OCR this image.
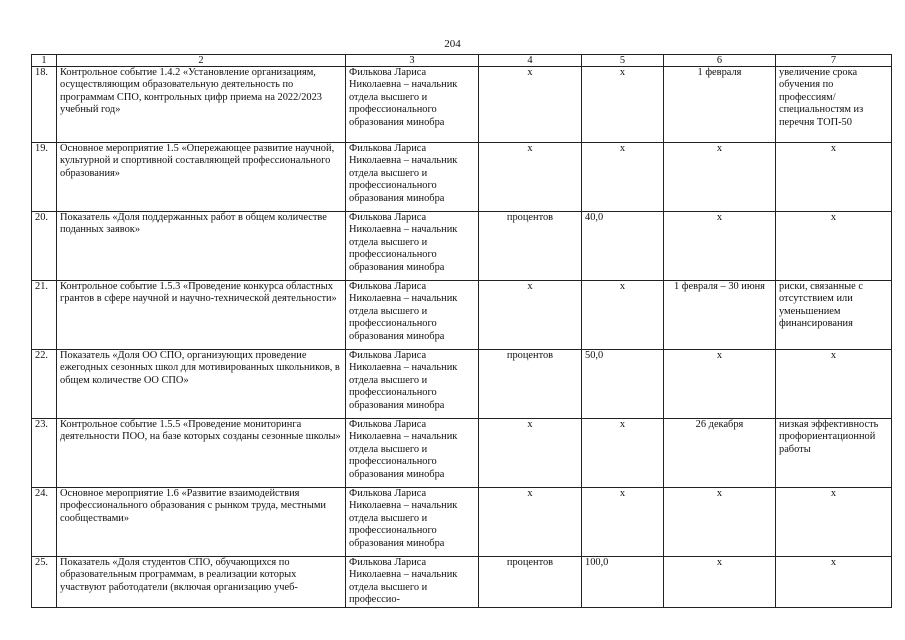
204
1	2	3	4	5	6	7
18.	Контрольное событие 1.4.2 «Установление организациям, осуществляющим образовательную деятельность по программам СПО, контрольных цифр приема на 2022/2023 учебный год»	Филькова Лариса Николаевна – начальник отдела высшего и профессионального образования минобра	х	х	1 февраля	увеличение срока обучения по профессиям/специальностям из перечня ТОП-50
19.	Основное мероприятие 1.5 «Опережающее развитие научной, культурной и спортивной составляющей профессионального образования»	Филькова Лариса Николаевна – начальник отдела высшего и профессионального образования минобра	х	х	х	х
20.	Показатель «Доля поддержанных работ в общем количестве поданных заявок»	Филькова Лариса Николаевна – начальник отдела высшего и профессионального образования минобра	процентов	40,0	х	х
21.	Контрольное событие 1.5.3 «Проведение конкурса областных грантов в сфере научной и научно-технической деятельности»	Филькова Лариса Николаевна – начальник отдела высшего и профессионального образования минобра	х	х	1 февраля – 30 июня	риски, связанные с отсутствием или уменьшением финансирования
22.	Показатель «Доля ОО СПО, организующих проведение ежегодных сезонных школ для мотивированных школьников, в общем количестве ОО СПО»	Филькова Лариса Николаевна – начальник отдела высшего и профессионального образования минобра	процентов	50,0	х	х
23.	Контрольное событие 1.5.5 «Проведение мониторинга деятельности ПОО, на базе которых созданы сезонные школы»	Филькова Лариса Николаевна – начальник отдела высшего и профессионального образования минобра	х	х	26 декабря	низкая эффективность профориентационной работы
24.	Основное мероприятие 1.6 «Развитие взаимодействия профессионального образования с рынком труда, местными сообществами»	Филькова Лариса Николаевна – начальник отдела высшего и профессионального образования минобра	х	х	х	х
25.	Показатель «Доля студентов СПО, обучающихся по образовательным программам, в реализации которых участвуют работодатели (включая организацию учеб-	Филькова Лариса Николаевна – начальник отдела высшего и профессио-	процентов	100,0	х	х
